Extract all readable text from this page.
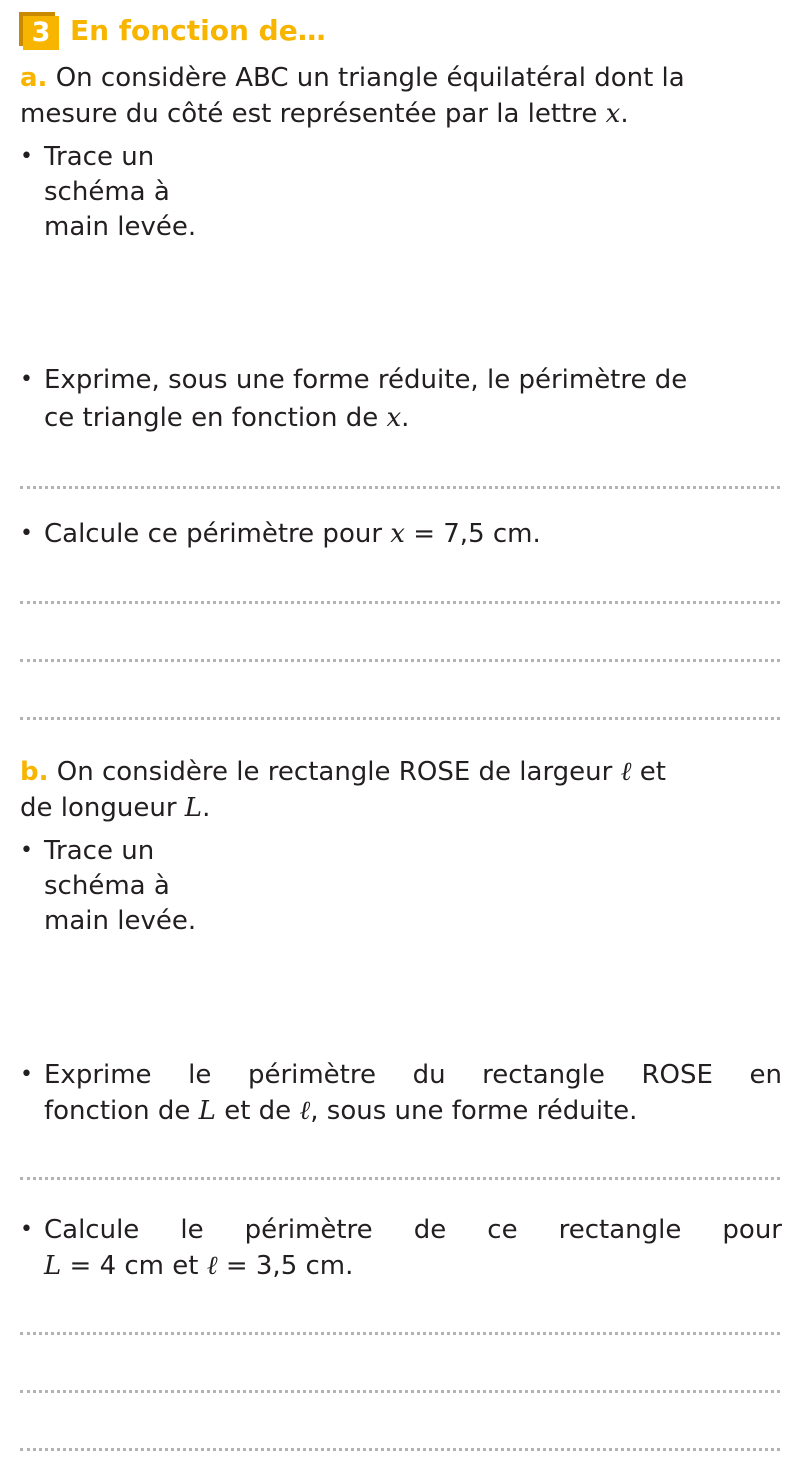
3 En fonction de…
a. On considère ABC un triangle équilatéral dont la
mesure du côté est représentée par la lettre x.
• Trace un
schéma à
main levée.
• Exprime, sous une forme réduite, le périmètre de
ce triangle en fonction de x.
• Calcule ce périmètre pour x = 7,5 cm.
b. On considère le rectangle ROSE de largeur ℓ et
de longueur L.
• Trace un
schéma à
main levée.
• Exprime le périmètre du rectangle ROSE en
fonction de L et de ℓ, sous une forme réduite.
• Calcule le périmètre de ce rectangle pour
L = 4 cm et ℓ = 3,5 cm.
